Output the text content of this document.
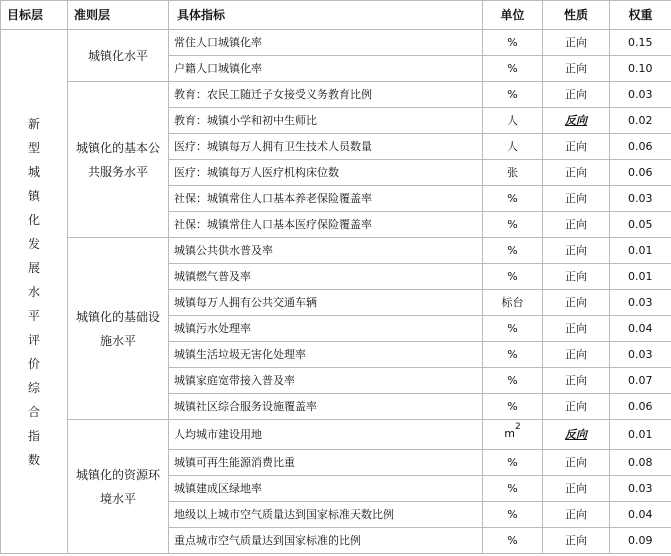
目标层	准则层	具体指标	单位	性质	权重
新型城镇化发展水平评价综合指数	城镇化水平	常住人口城镇化率	%	正向	0.15
		户籍人口城镇化率	%	正向	0.10
	城镇化的基本公共服务水平	教育：农民工随迁子女接受义务教育比例	%	正向	0.03
		教育：城镇小学和初中生师比	人	反向	0.02
		医疗：城镇每万人拥有卫生技术人员数量	人	正向	0.06
		医疗：城镇每万人医疗机构床位数	张	正向	0.06
		社保：城镇常住人口基本养老保险覆盖率	%	正向	0.03
		社保：城镇常住人口基本医疗保险覆盖率	%	正向	0.05
	城镇化的基础设施水平	城镇公共供水普及率	%	正向	0.01
		城镇燃气普及率	%	正向	0.01
		城镇每万人拥有公共交通车辆	标台	正向	0.03
		城镇污水处理率	%	正向	0.04
		城镇生活垃圾无害化处理率	%	正向	0.03
		城镇家庭宽带接入普及率	%	正向	0.07
		城镇社区综合服务设施覆盖率	%	正向	0.06
	城镇化的资源环境水平	人均城市建设用地	$m^2$	反向	0.01
		城镇可再生能源消费比重	%	正向	0.08
		城镇建成区绿地率	%	正向	0.03
		地级以上城市空气质量达到国家标准天数比例	%	正向	0.04
		重点城市空气质量达到国家标准的比例	%	正向	0.09
